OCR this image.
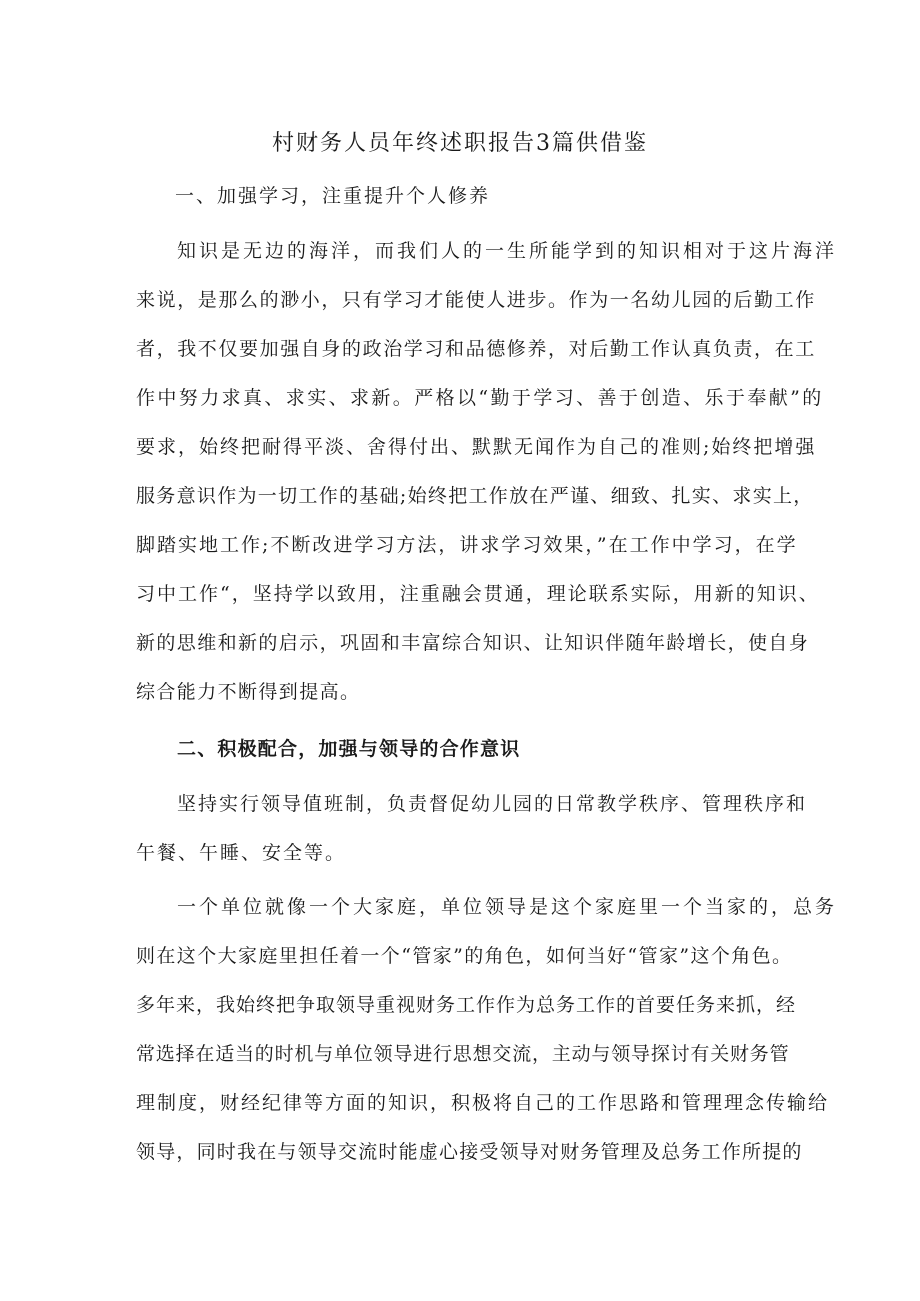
村财务人员年终述职报告3篇供借鉴

一、加强学习，注重提升个人修养

知识是无边的海洋，而我们人的一生所能学到的知识相对于这片海洋

来说，是那么的渺小，只有学习才能使人进步。作为一名幼儿园的后勤工作

者，我不仅要加强自身的政治学习和品德修养，对后勤工作认真负责，在工

作中努力求真、求实、求新。严格以“勤于学习、善于创造、乐于奉献”的

要求，始终把耐得平淡、舍得付出、默默无闻作为自己的准则;始终把增强

服务意识作为一切工作的基础;始终把工作放在严谨、细致、扎实、求实上，

脚踏实地工作;不断改进学习方法，讲求学习效果，”在工作中学习，在学

习中工作“，坚持学以致用，注重融会贯通，理论联系实际，用新的知识、

新的思维和新的启示，巩固和丰富综合知识、让知识伴随年龄增长，使自身

综合能力不断得到提高。

二、积极配合，加强与领导的合作意识

坚持实行领导值班制，负责督促幼儿园的日常教学秩序、管理秩序和

午餐、午睡、安全等。

一个单位就像一个大家庭，单位领导是这个家庭里一个当家的，总务

则在这个大家庭里担任着一个“管家”的角色，如何当好“管家”这个角色。

多年来，我始终把争取领导重视财务工作作为总务工作的首要任务来抓，经

常选择在适当的时机与单位领导进行思想交流，主动与领导探讨有关财务管

理制度，财经纪律等方面的知识，积极将自己的工作思路和管理理念传输给

领导，同时我在与领导交流时能虚心接受领导对财务管理及总务工作所提的
